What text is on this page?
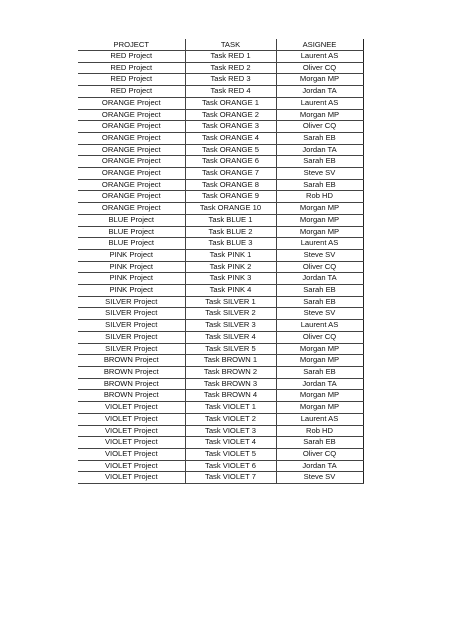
PROJECT	TASK	ASIGNEE
RED Project	Task RED 1	Laurent AS
RED Project	Task RED 2	Oliver CQ
RED Project	Task RED 3	Morgan MP
RED Project	Task RED 4	Jordan TA
ORANGE Project	Task ORANGE 1	Laurent AS
ORANGE Project	Task ORANGE 2	Morgan MP
ORANGE Project	Task ORANGE 3	Oliver CQ
ORANGE Project	Task ORANGE 4	Sarah EB
ORANGE Project	Task ORANGE 5	Jordan TA
ORANGE Project	Task ORANGE 6	Sarah EB
ORANGE Project	Task ORANGE 7	Steve SV
ORANGE Project	Task ORANGE 8	Sarah EB
ORANGE Project	Task ORANGE 9	Rob HD
ORANGE Project	Task ORANGE 10	Morgan MP
BLUE Project	Task BLUE 1	Morgan MP
BLUE Project	Task BLUE 2	Morgan MP
BLUE Project	Task BLUE 3	Laurent AS
PINK Project	Task PINK 1	Steve SV
PINK Project	Task PINK 2	Oliver CQ
PINK Project	Task PINK 3	Jordan TA
PINK Project	Task PINK 4	Sarah EB
SILVER Project	Task SILVER 1	Sarah EB
SILVER Project	Task SILVER 2	Steve SV
SILVER Project	Task SILVER 3	Laurent AS
SILVER Project	Task SILVER 4	Oliver CQ
SILVER Project	Task SILVER 5	Morgan MP
BROWN Project	Task BROWN 1	Morgan MP
BROWN Project	Task BROWN 2	Sarah EB
BROWN Project	Task BROWN 3	Jordan TA
BROWN Project	Task BROWN 4	Morgan MP
VIOLET Project	Task VIOLET 1	Morgan MP
VIOLET Project	Task VIOLET 2	Laurent AS
VIOLET Project	Task VIOLET 3	Rob HD
VIOLET Project	Task VIOLET 4	Sarah EB
VIOLET Project	Task VIOLET 5	Oliver CQ
VIOLET Project	Task VIOLET 6	Jordan TA
VIOLET Project	Task VIOLET 7	Steve SV
